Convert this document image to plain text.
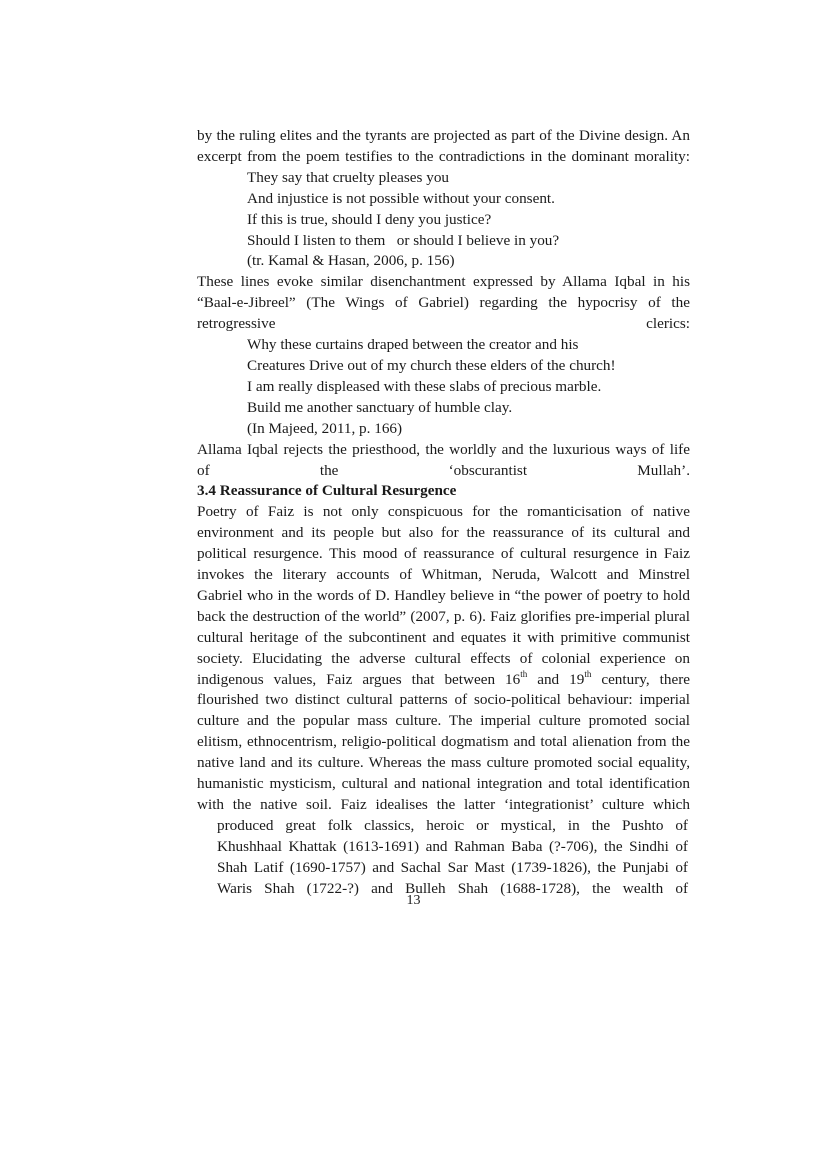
by the ruling elites and the tyrants are projected as part of the Divine design. An
excerpt from the poem testifies to the contradictions in the dominant morality:

They say that cruelty pleases you
And injustice is not possible without your consent.
If this is true, should I deny you justice?
Should I listen to them   or should I believe in you?
(tr. Kamal & Hasan, 2006, p. 156)

These lines evoke similar disenchantment expressed by Allama Iqbal in his
“Baal-e-Jibreel” (The Wings of Gabriel) regarding the hypocrisy of the
retrogressive clerics:

Why these curtains draped between the creator and his
Creatures Drive out of my church these elders of the church!
I am really displeased with these slabs of precious marble.
Build me another sanctuary of humble clay.
(In Majeed, 2011, p. 166)

Allama Iqbal rejects the priesthood, the worldly and the luxurious ways of life
of the ‘obscurantist Mullah’.

3.4 Reassurance of Cultural Resurgence

Poetry of Faiz is not only conspicuous for the romanticisation of native
environment and its people but also for the reassurance of its cultural and
political resurgence. This mood of reassurance of cultural resurgence in Faiz
invokes the literary accounts of Whitman, Neruda, Walcott and Minstrel
Gabriel who in the words of D. Handley believe in “the power of poetry to hold
back the destruction of the world” (2007, p. 6). Faiz glorifies pre-imperial plural
cultural heritage of the subcontinent and equates it with primitive communist
society. Elucidating the adverse cultural effects of colonial experience on
indigenous values, Faiz argues that between 16th and 19th century, there
flourished two distinct cultural patterns of socio-political behaviour: imperial
culture and the popular mass culture. The imperial culture promoted social
elitism, ethnocentrism, religio-political dogmatism and total alienation from the
native land and its culture. Whereas the mass culture promoted social equality,
humanistic mysticism, cultural and national integration and total identification
with the native soil. Faiz idealises the latter ‘integrationist’ culture which

produced great folk classics, heroic or mystical, in the Pushto of
Khushhaal Khattak (1613-1691) and Rahman Baba (?-706), the Sindhi of
Shah Latif (1690-1757) and Sachal Sar Mast (1739-1826), the Punjabi of
Waris Shah (1722-?) and Bulleh Shah (1688-1728), the wealth of
13
